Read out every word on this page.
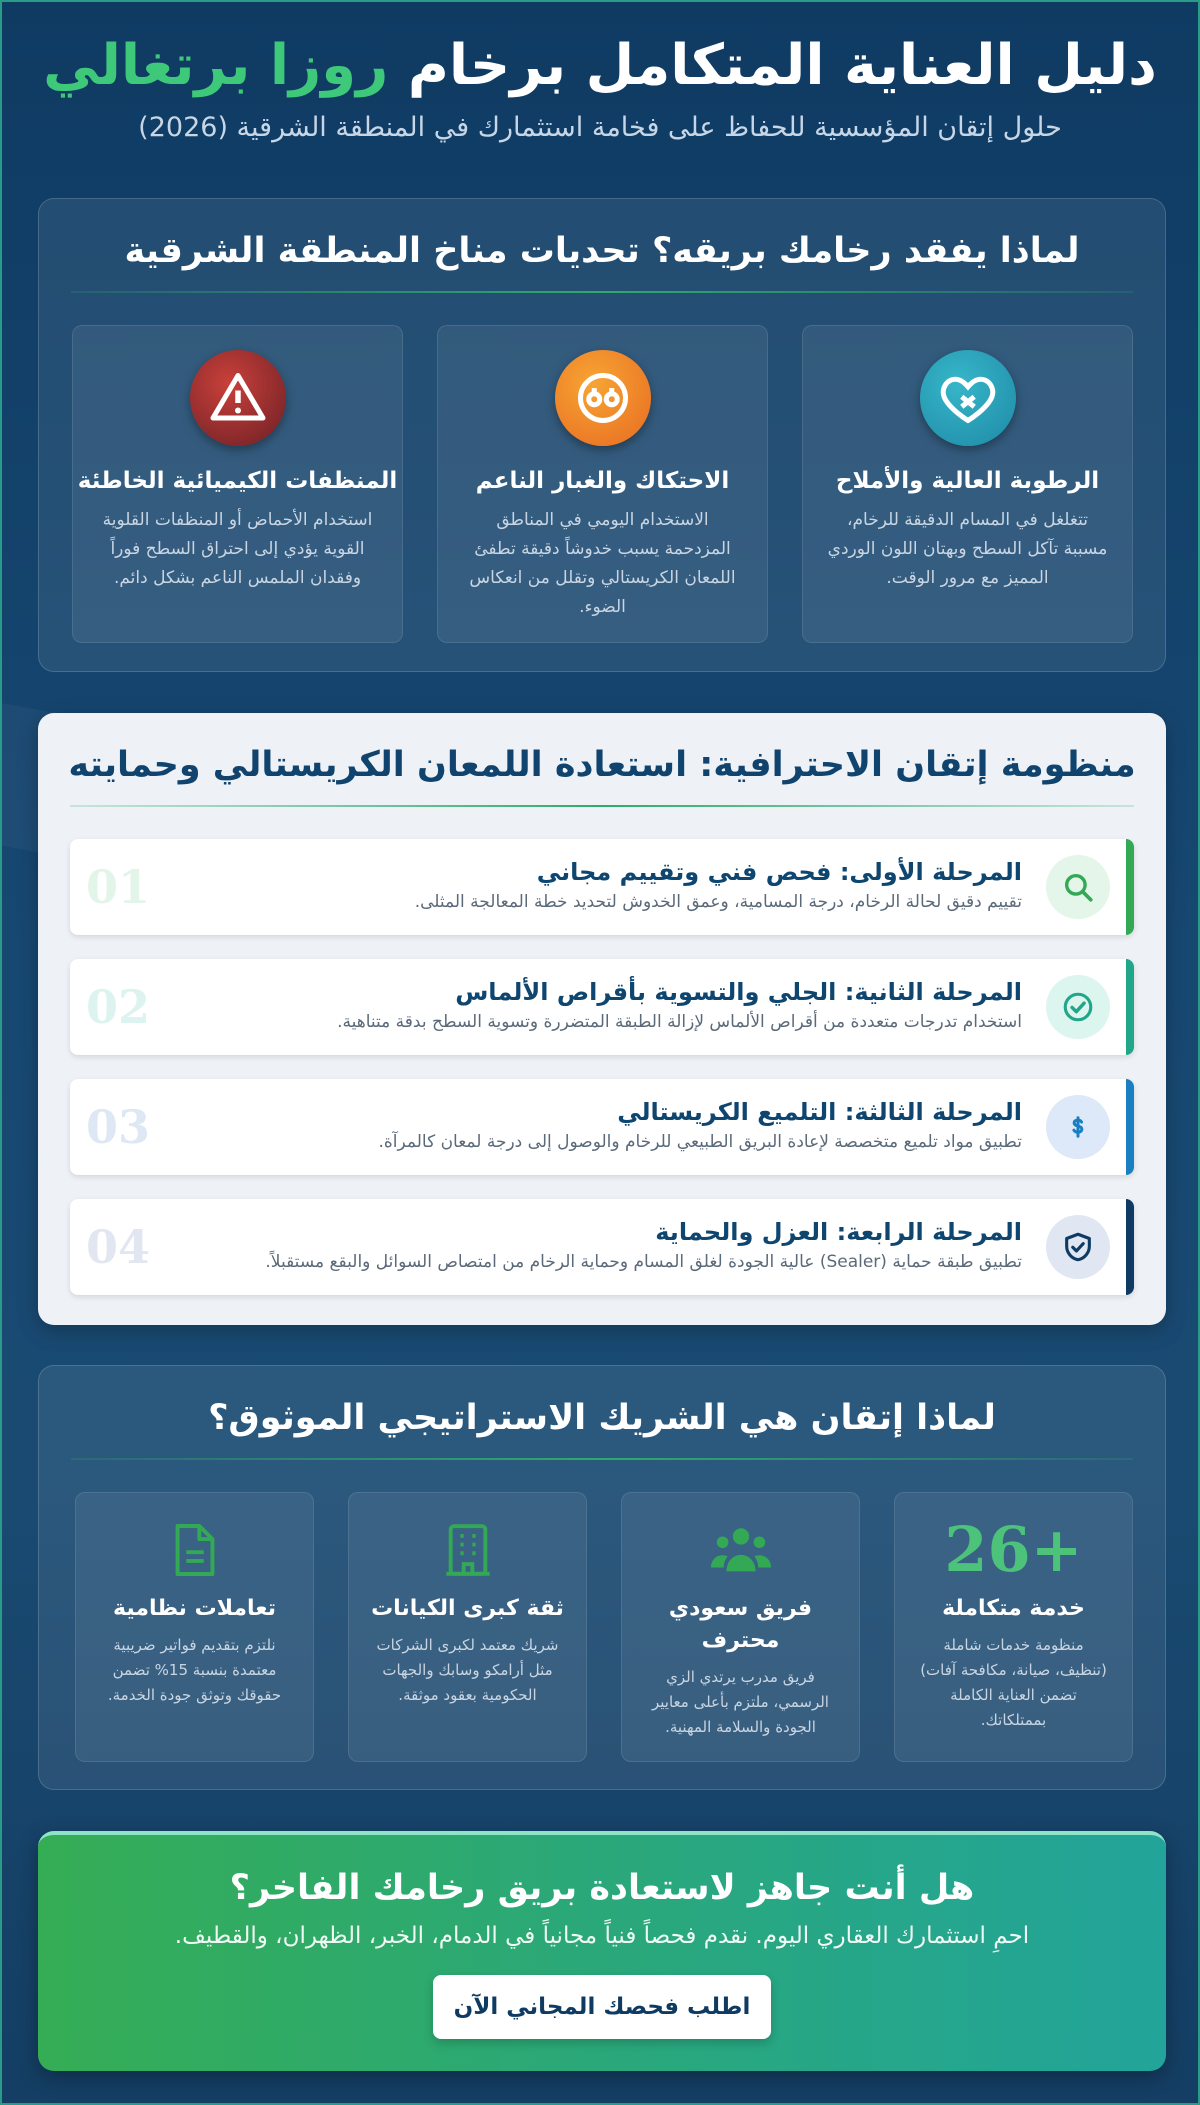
دليل العناية المتكامل برخام روزا برتغالي
حلول إتقان المؤسسية للحفاظ على فخامة استثمارك في المنطقة الشرقية (2026)
لماذا يفقد رخامك بريقه؟ تحديات مناخ المنطقة الشرقية
الرطوبة العالية والأملاح
تتغلغل في المسام الدقيقة للرخام، مسببة تآكل السطح وبهتان اللون الوردي المميز مع مرور الوقت.
الاحتكاك والغبار الناعم
الاستخدام اليومي في المناطق المزدحمة يسبب خدوشاً دقيقة تطفئ اللمعان الكريستالي وتقلل من انعكاس الضوء.
المنظفات الكيميائية الخاطئة
استخدام الأحماض أو المنظفات القلوية القوية يؤدي إلى احتراق السطح فوراً وفقدان الملمس الناعم بشكل دائم.
منظومة إتقان الاحترافية: استعادة اللمعان الكريستالي وحمايته
المرحلة الأولى: فحص فني وتقييم مجاني
تقييم دقيق لحالة الرخام، درجة المسامية، وعمق الخدوش لتحديد خطة المعالجة المثلى.
01
المرحلة الثانية: الجلي والتسوية بأقراص الألماس
استخدام تدرجات متعددة من أقراص الألماس لإزالة الطبقة المتضررة وتسوية السطح بدقة متناهية.
02
المرحلة الثالثة: التلميع الكريستالي
تطبيق مواد تلميع متخصصة لإعادة البريق الطبيعي للرخام والوصول إلى درجة لمعان كالمرآة.
03
المرحلة الرابعة: العزل والحماية
تطبيق طبقة حماية (Sealer) عالية الجودة لغلق المسام وحماية الرخام من امتصاص السوائل والبقع مستقبلاً.
04
لماذا إتقان هي الشريك الاستراتيجي الموثوق؟
26+
خدمة متكاملة
منظومة خدمات شاملة (تنظيف، صيانة، مكافحة آفات) تضمن العناية الكاملة بممتلكاتك.
فريق سعودي محترف
فريق مدرب يرتدي الزي الرسمي، ملتزم بأعلى معايير الجودة والسلامة المهنية.
ثقة كبرى الكيانات
شريك معتمد لكبرى الشركات مثل أرامكو وسابك والجهات الحكومية بعقود موثقة.
تعاملات نظامية
نلتزم بتقديم فواتير ضريبية معتمدة بنسبة 15% تضمن حقوقك وتوثق جودة الخدمة.
هل أنت جاهز لاستعادة بريق رخامك الفاخر؟
احمِ استثمارك العقاري اليوم. نقدم فحصاً فنياً مجانياً في الدمام، الخبر، الظهران، والقطيف.
اطلب فحصك المجاني الآن
